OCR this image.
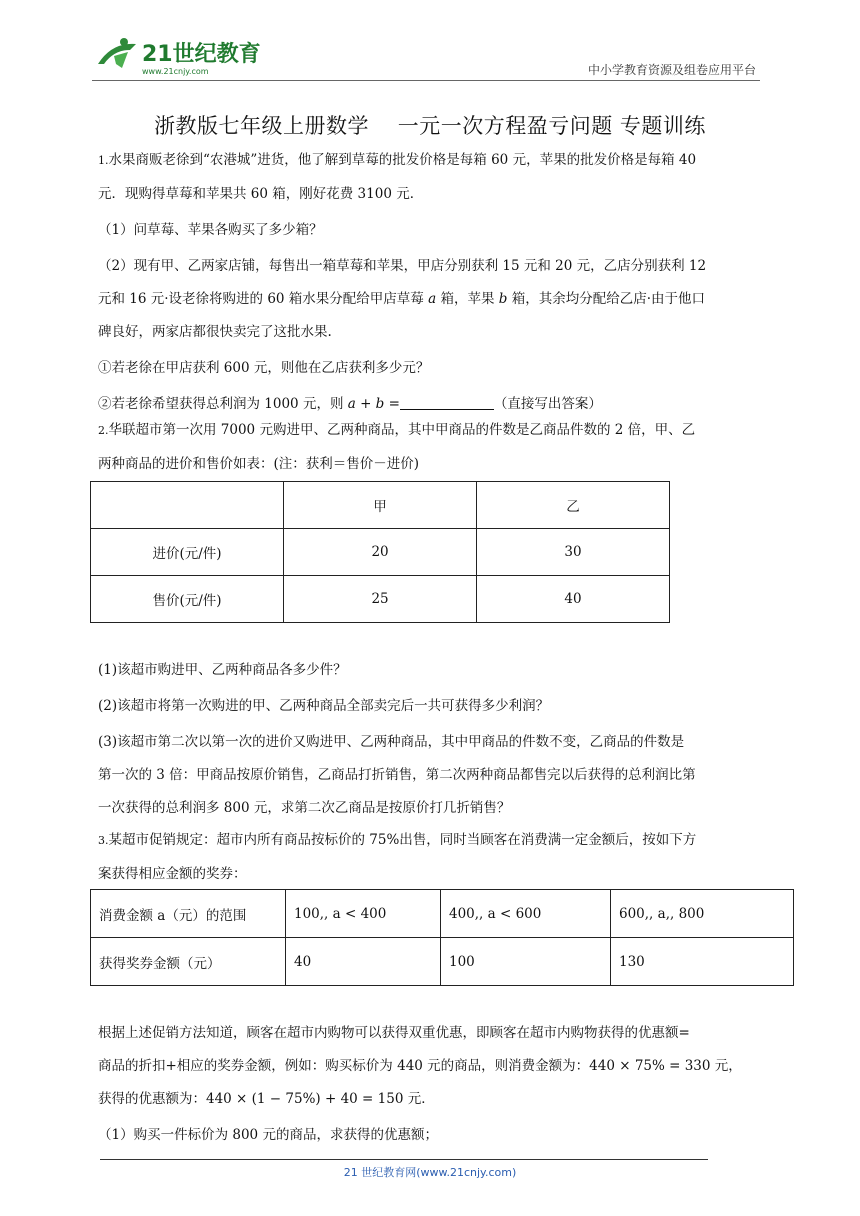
21世纪教育
www.21cnjy.com	中小学教育资源及组卷应用平台
浙教版七年级上册数学    一元一次方程盈亏问题 专题训练

1.水果商贩老徐到“农港城”进货，他了解到草莓的批发价格是每箱 60 元，苹果的批发价格是每箱 40

元．现购得草莓和苹果共 60 箱，刚好花费 3100 元．

（1）问草莓、苹果各购买了多少箱？

（2）现有甲、乙两家店铺，每售出一箱草莓和苹果，甲店分别获利 15 元和 20 元，乙店分别获利 12

元和 16 元·设老徐将购进的 60 箱水果分配给甲店草莓 a 箱，苹果 b 箱，其余均分配给乙店·由于他口

碑良好，两家店都很快卖完了这批水果.

①若老徐在甲店获利 600 元，则他在乙店获利多少元？

②若老徐希望获得总利润为 1000 元，则 a + b =	（直接写出答案）

2.华联超市第一次用 7000 元购进甲、乙两种商品，其中甲商品的件数是乙商品件数的 2 倍，甲、乙

两种商品的进价和售价如表：(注：获利＝售价－进价)

	甲	乙
进价(元/件)	20	30
售价(元/件)	25	40

(1)该超市购进甲、乙两种商品各多少件？

(2)该超市将第一次购进的甲、乙两种商品全部卖完后一共可获得多少利润？

(3)该超市第二次以第一次的进价又购进甲、乙两种商品，其中甲商品的件数不变，乙商品的件数是

第一次的 3 倍：甲商品按原价销售，乙商品打折销售，第二次两种商品都售完以后获得的总利润比第

一次获得的总利润多 800 元，求第二次乙商品是按原价打几折销售？

3.某超市促销规定：超市内所有商品按标价的 75%出售，同时当顾客在消费满一定金额后，按如下方

案获得相应金额的奖券：

消费金额 a（元）的范围	100,, a < 400	400,, a < 600	600,, a,, 800
获得奖券金额（元）	40	100	130

根据上述促销方法知道，顾客在超市内购物可以获得双重优惠，即顾客在超市内购物获得的优惠额=

商品的折扣+相应的奖券金额，例如：购买标价为 440 元的商品，则消费金额为：440 × 75% = 330 元，

获得的优惠额为：440 × (1 − 75%) + 40 = 150 元．

（1）购买一件标价为 800 元的商品，求获得的优惠额；

21 世纪教育网(www.21cnjy.com)
